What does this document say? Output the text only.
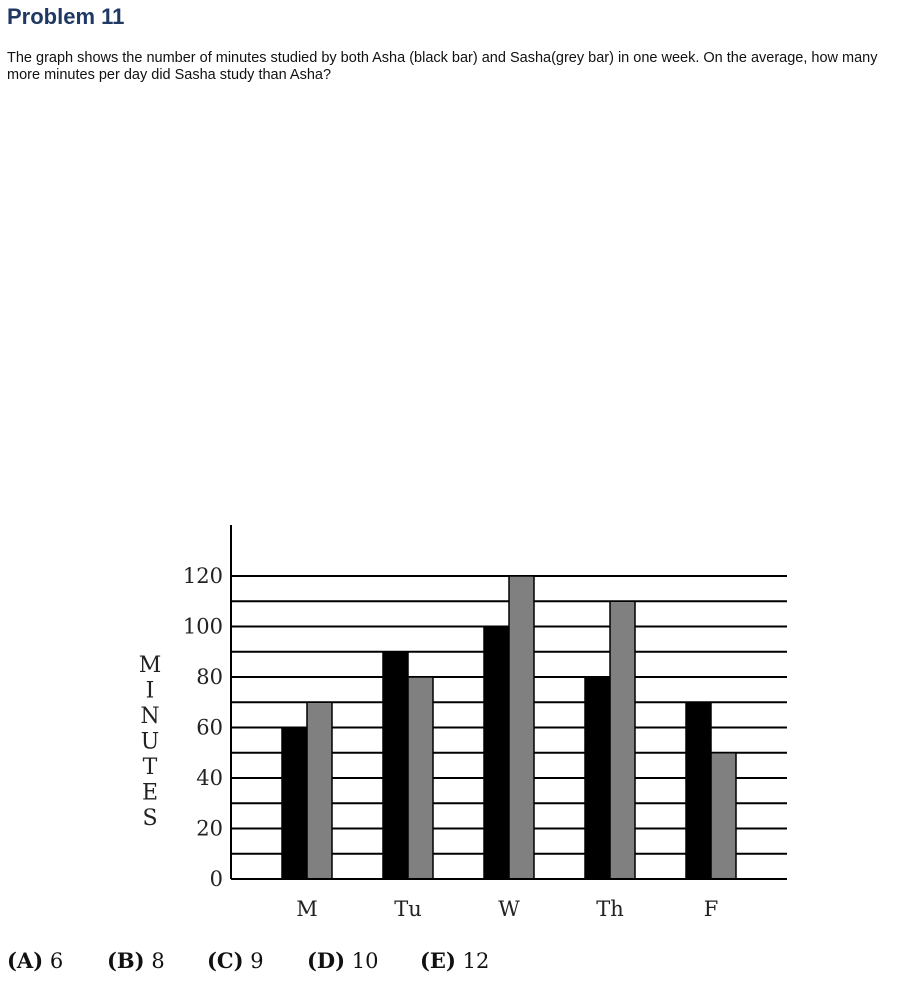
Problem 11

The graph shows the number of minutes studied by both Asha (black bar) and Sasha(grey bar) in one week. On the average, how many more minutes per day did Sasha study than Asha?

M	Tu	W	Th	F
0
20
40
60
80
100
120
M
I
N
U
T
E
S
(A) 6 (B) 8 (C) 9 (D) 10 (E) 12
